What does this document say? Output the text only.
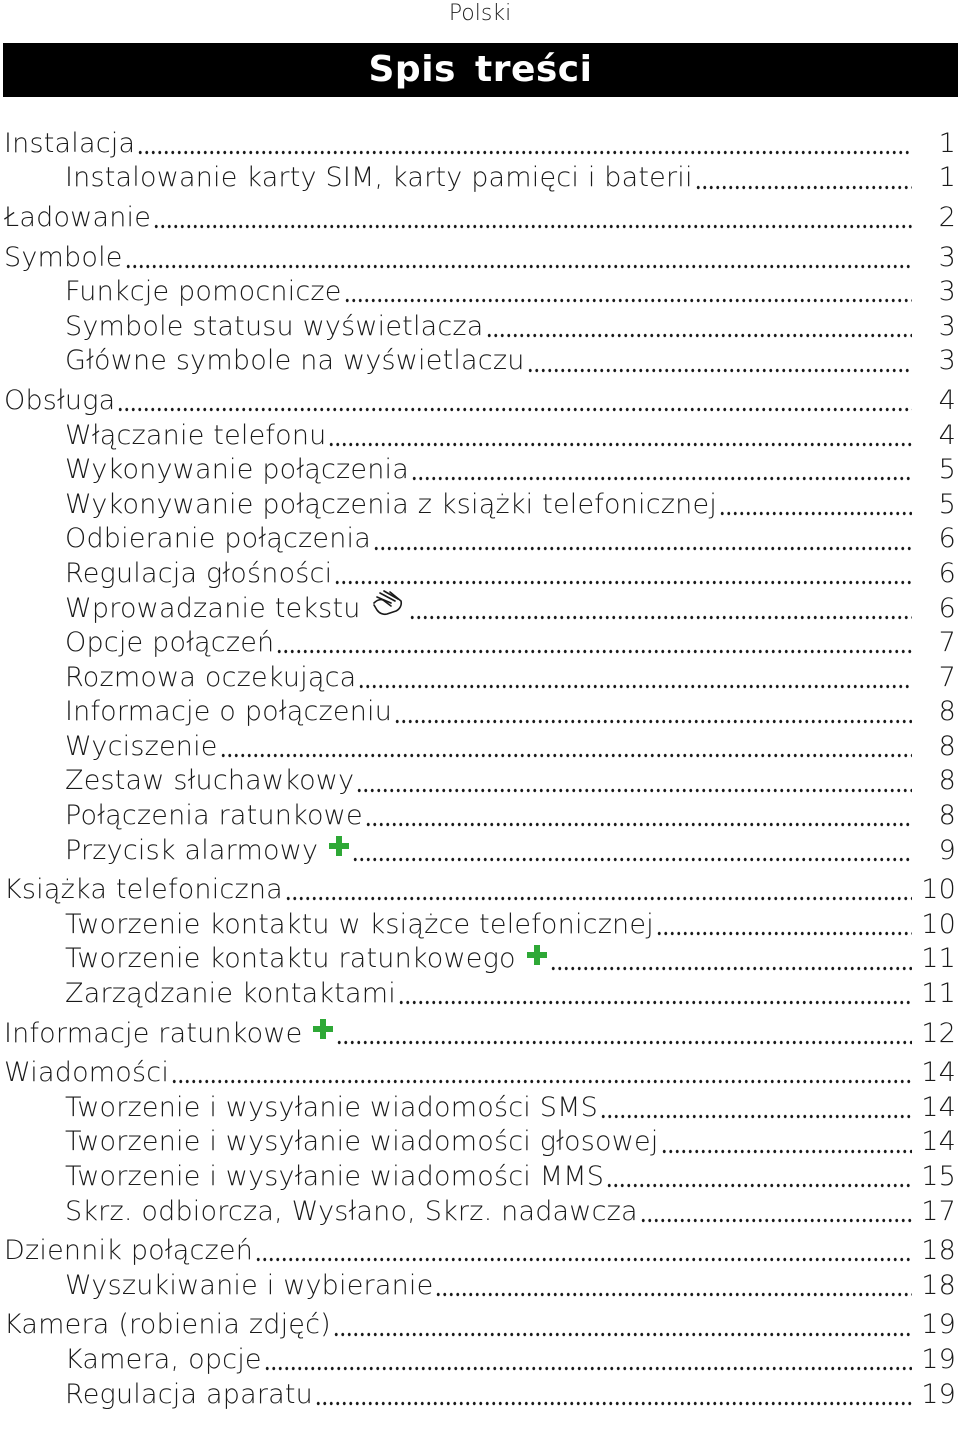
Polski
Spis treści
Instalacja	1
Instalowanie karty SIM, karty pamięci i baterii	1
Ładowanie	2
Symbole	3
Funkcje pomocnicze	3
Symbole statusu wyświetlacza	3
Główne symbole na wyświetlaczu	3
Obsługa	4
Włączanie telefonu	4
Wykonywanie połączenia	5
Wykonywanie połączenia z książki telefonicznej	5
Odbieranie połączenia	6
Regulacja głośności	6
Wprowadzanie tekstu	6
Opcje połączeń	7
Rozmowa oczekująca	7
Informacje o połączeniu	8
Wyciszenie	8
Zestaw słuchawkowy	8
Połączenia ratunkowe	8
Przycisk alarmowy	9
Książka telefoniczna	10
Tworzenie kontaktu w książce telefonicznej	10
Tworzenie kontaktu ratunkowego	11
Zarządzanie kontaktami	11
Informacje ratunkowe	12
Wiadomości	14
Tworzenie i wysyłanie wiadomości SMS	14
Tworzenie i wysyłanie wiadomości głosowej	14
Tworzenie i wysyłanie wiadomości MMS	15
Skrz. odbiorcza, Wysłano, Skrz. nadawcza	17
Dziennik połączeń	18
Wyszukiwanie i wybieranie	18
Kamera (robienia zdjęć)	19
Kamera, opcje	19
Regulacja aparatu	19
